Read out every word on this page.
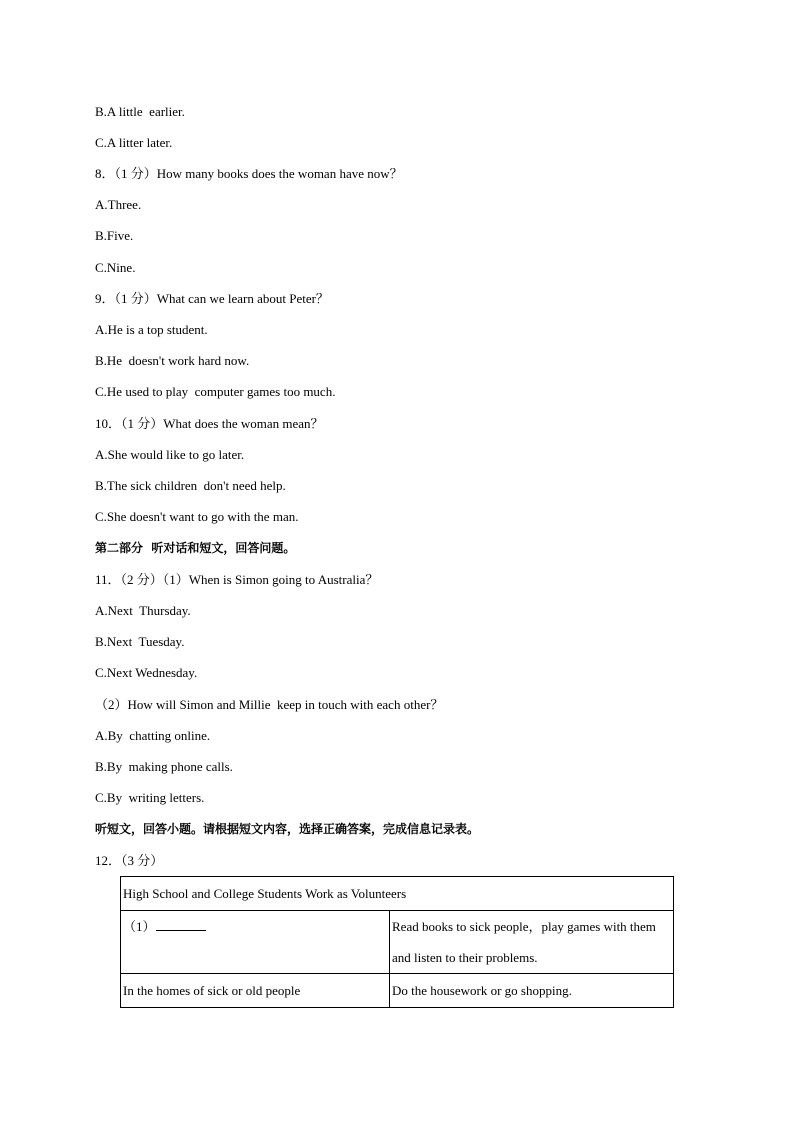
B.A little  earlier.
C.A litter later.
8．（1 分）How many books does the woman have now？
A.Three.
B.Five.
C.Nine.
9．（1 分）What can we learn about Peter？
A.He is a top student.
B.He  doesn't work hard now.
C.He used to play  computer games too much.
10．（1 分）What does the woman mean？
A.She would like to go later.
B.The sick children  don't need help.
C.She doesn't want to go with the man.
第二部分  听对话和短文，回答问题。
11．（2 分）（1）When is Simon going to Australia？
A.Next  Thursday.
B.Next  Tuesday.
C.Next Wednesday.
（2）How will Simon and Millie  keep in touch with each other？
A.By  chatting online.
B.By  making phone calls.
C.By  writing letters.
听短文，回答小题。请根据短文内容，选择正确答案，完成信息记录表。
12．（3 分）
High School and College Students Work as Volunteers	
（1）	Read books to sick people，play games with them
and listen to their problems.

In the homes of sick or old people	Do the housework or go shopping.
